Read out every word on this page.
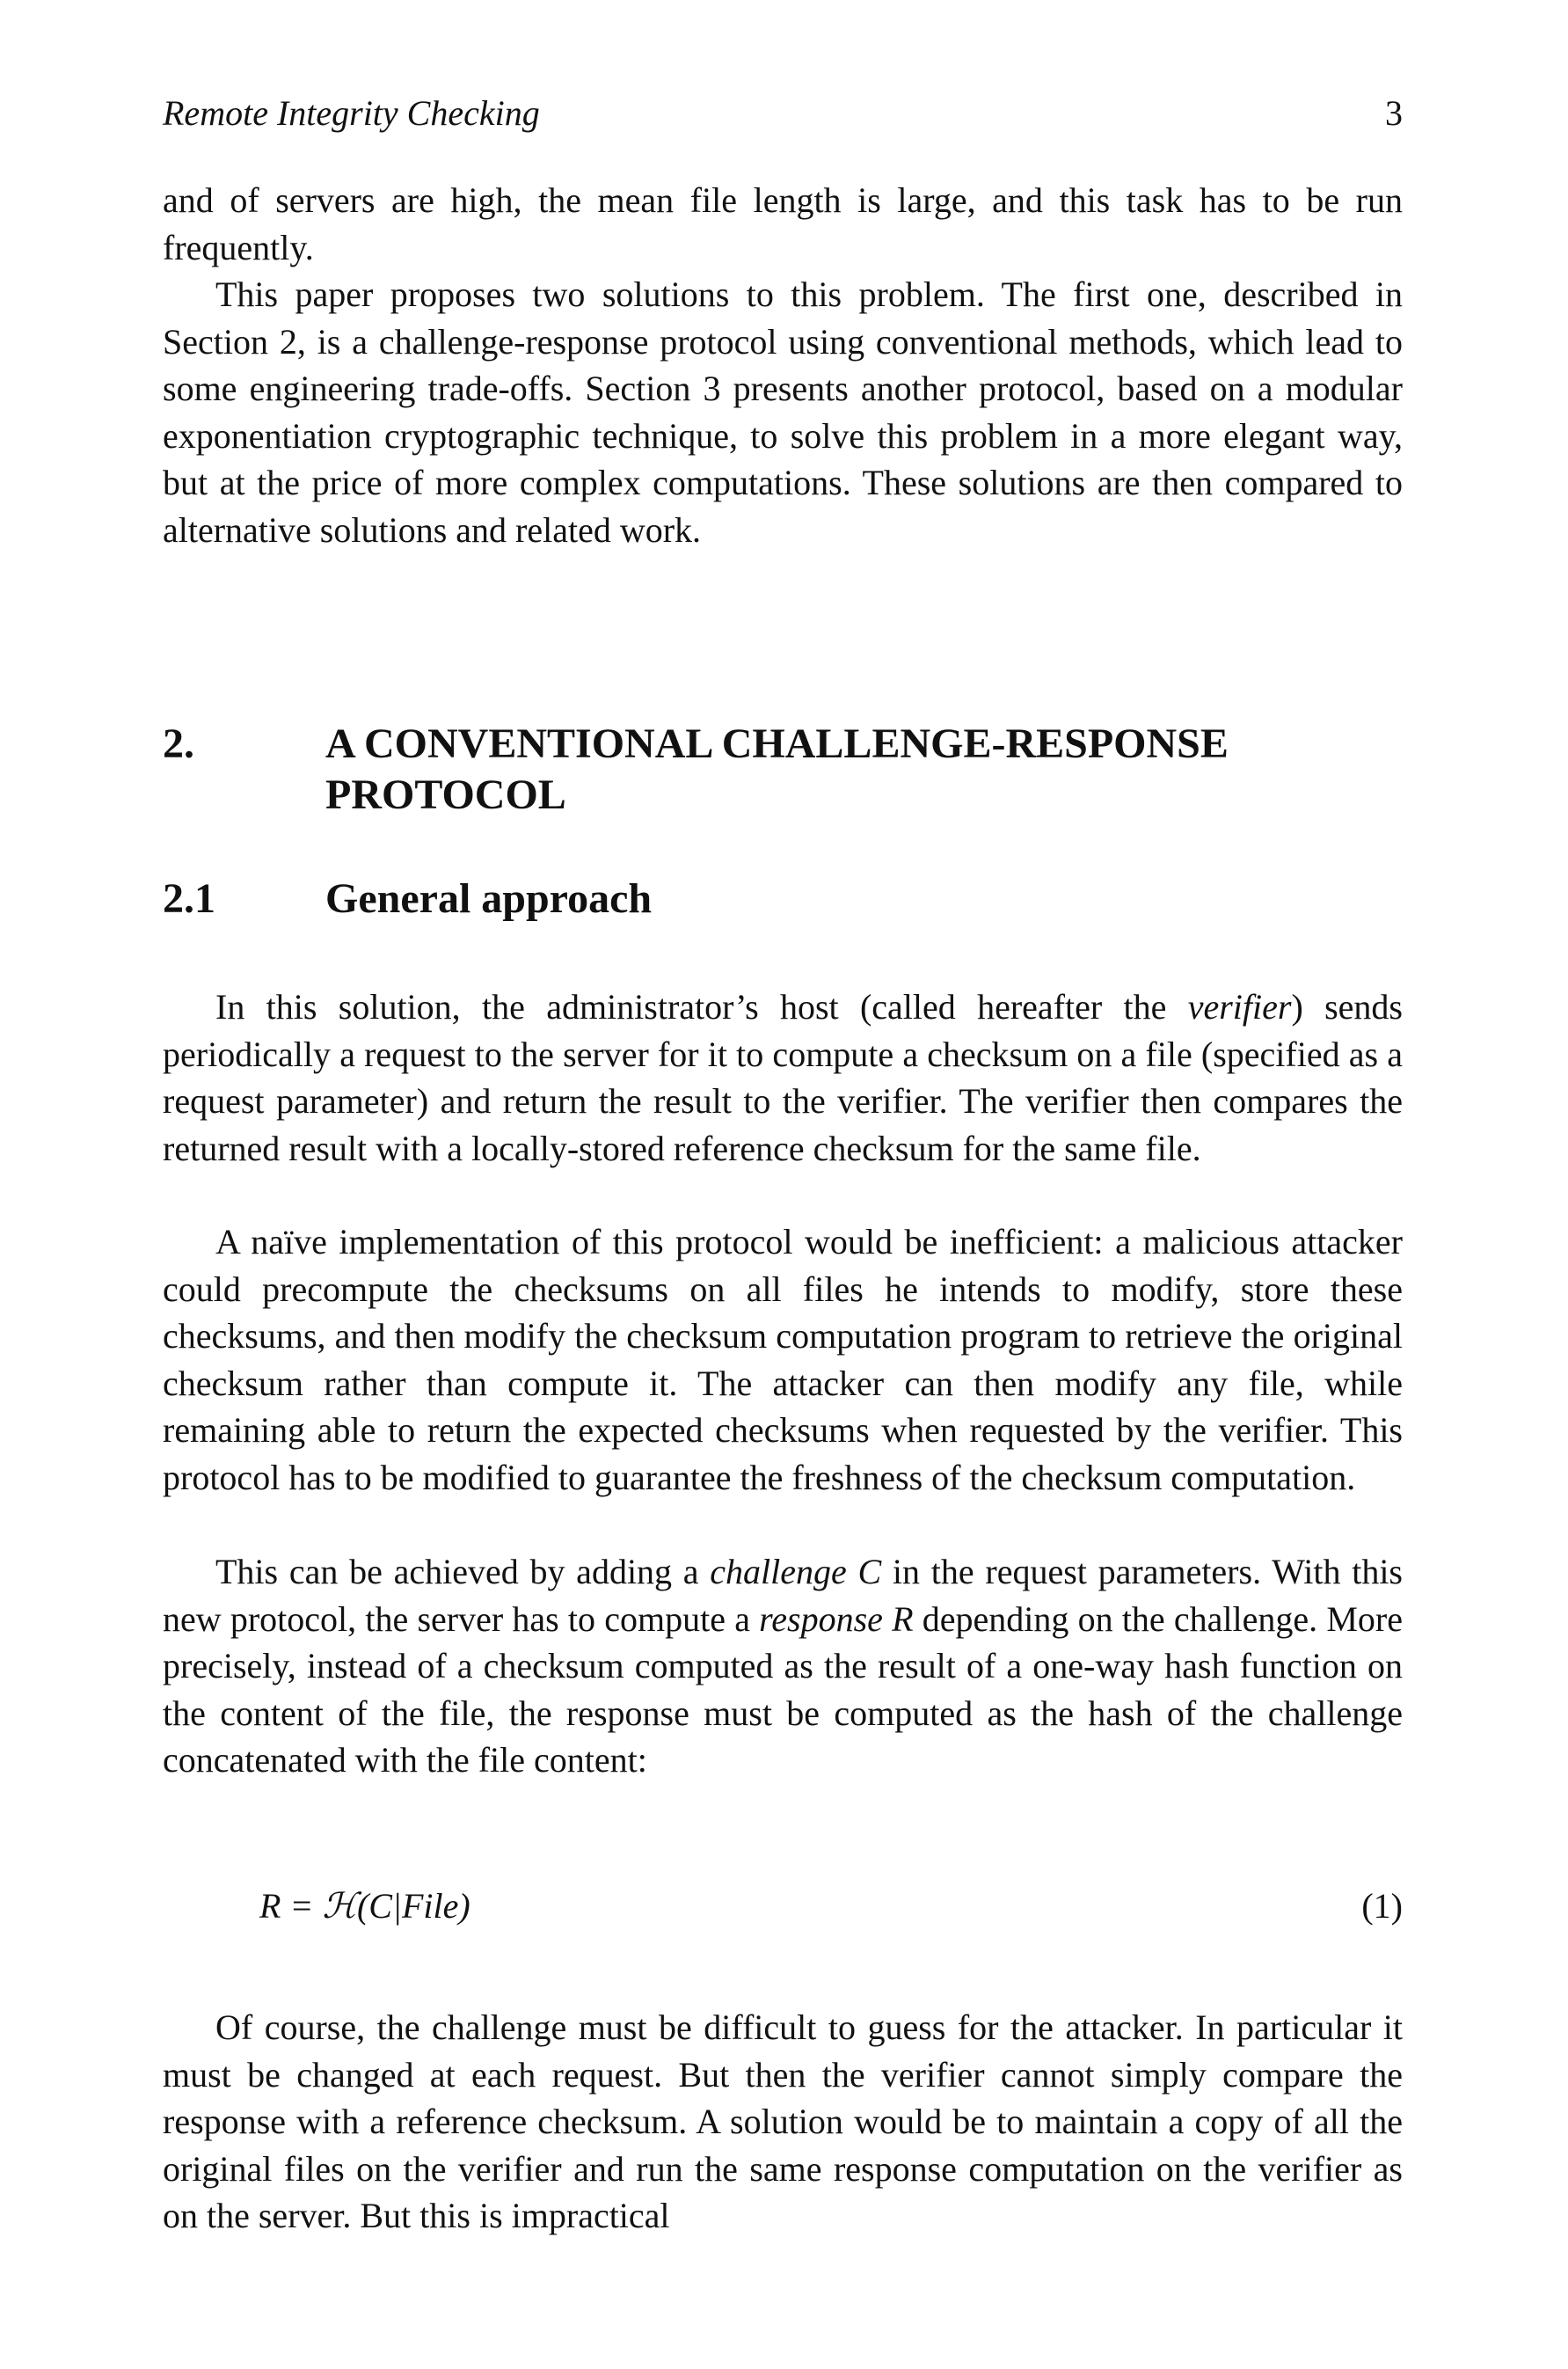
Remote Integrity Checking	3

and of servers are high, the mean file length is large, and this task has to be run frequently.

This paper proposes two solutions to this problem. The first one, described in Section 2, is a challenge-response protocol using conventional methods, which lead to some engineering trade-offs. Section 3 presents another protocol, based on a modular exponentiation cryptographic technique, to solve this problem in a more elegant way, but at the price of more complex computations. These solutions are then compared to alternative solutions and related work.

2.	A CONVENTIONAL CHALLENGE-RESPONSE
PROTOCOL
2.1	General approach

In this solution, the administrator’s host (called hereafter the verifier) sends periodically a request to the server for it to compute a checksum on a file (specified as a request parameter) and return the result to the verifier. The verifier then compares the returned result with a locally-stored reference checksum for the same file.

A naïve implementation of this protocol would be inefficient: a malicious attacker could precompute the checksums on all files he intends to modify, store these checksums, and then modify the checksum computation program to retrieve the original checksum rather than compute it. The attacker can then modify any file, while remaining able to return the expected checksums when requested by the verifier. This protocol has to be modified to guarantee the freshness of the checksum computation.

This can be achieved by adding a challenge C in the request parameters. With this new protocol, the server has to compute a response R depending on the challenge. More precisely, instead of a checksum computed as the result of a one-way hash function on the content of the file, the response must be computed as the hash of the challenge concatenated with the file content:

R = ℋ(C|File)	(1)

Of course, the challenge must be difficult to guess for the attacker. In particular it must be changed at each request. But then the verifier cannot simply compare the response with a reference checksum. A solution would be to maintain a copy of all the original files on the verifier and run the same response computation on the verifier as on the server. But this is impractical
